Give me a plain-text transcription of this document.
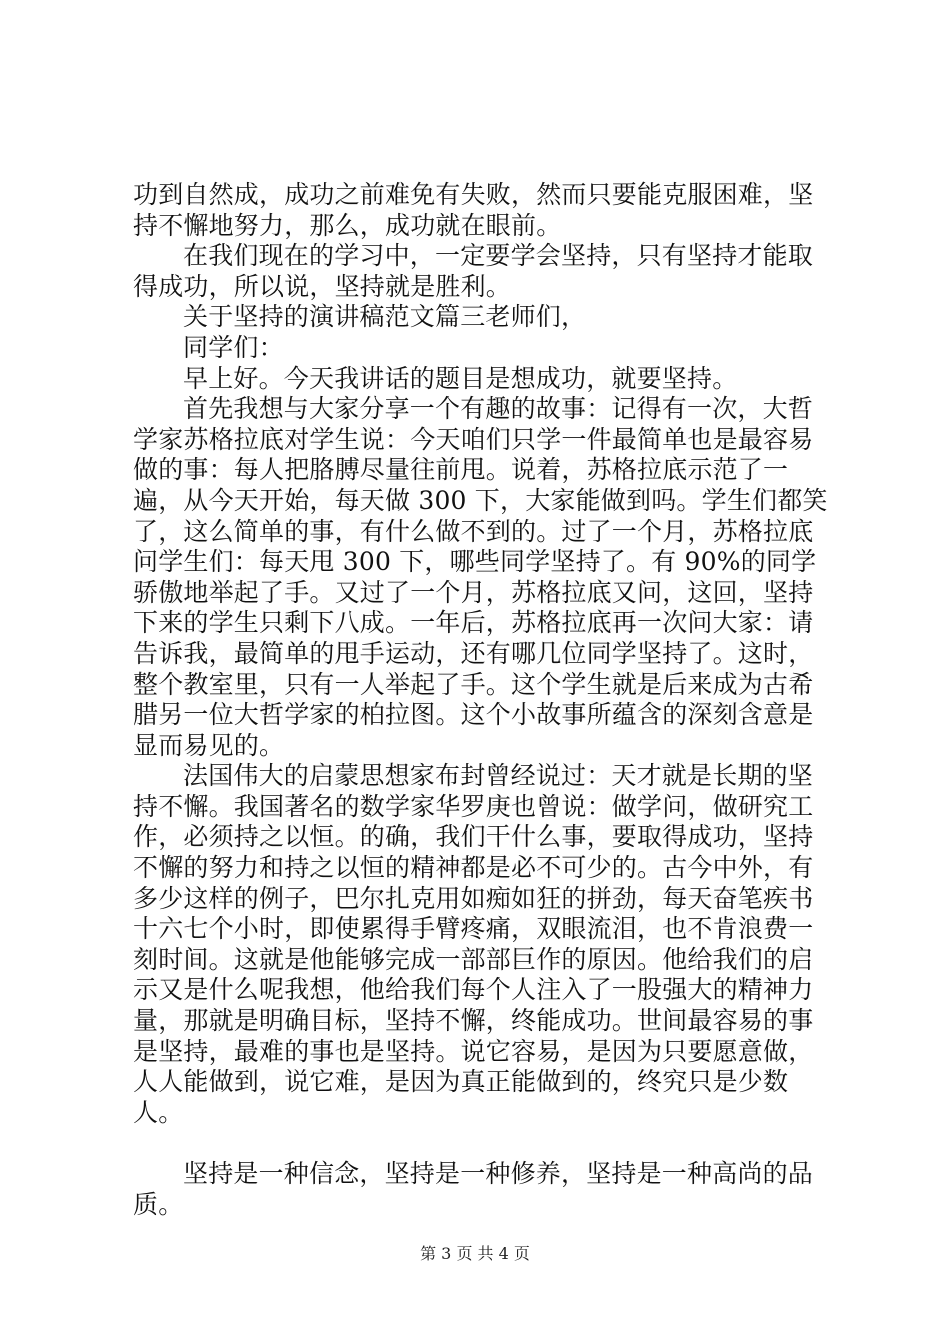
功到自然成，成功之前难免有失败，然而只要能克服困难，坚持不懈地努力，那么，成功就在眼前。

在我们现在的学习中，一定要学会坚持，只有坚持才能取得成功，所以说，坚持就是胜利。

关于坚持的演讲稿范文篇三老师们，

同学们：

早上好。今天我讲话的题目是想成功，就要坚持。

首先我想与大家分享一个有趣的故事：记得有一次，大哲学家苏格拉底对学生说：今天咱们只学一件最简单也是最容易做的事：每人把胳膊尽量往前甩。说着，苏格拉底示范了一遍，从今天开始，每天做 300 下，大家能做到吗。学生们都笑了，这么简单的事，有什么做不到的。过了一个月，苏格拉底问学生们：每天甩 300 下，哪些同学坚持了。有 90%的同学骄傲地举起了手。又过了一个月，苏格拉底又问，这回，坚持下来的学生只剩下八成。一年后，苏格拉底再一次问大家：请告诉我，最简单的甩手运动，还有哪几位同学坚持了。这时，整个教室里，只有一人举起了手。这个学生就是后来成为古希腊另一位大哲学家的柏拉图。这个小故事所蕴含的深刻含意是显而易见的。

法国伟大的启蒙思想家布封曾经说过：天才就是长期的坚持不懈。我国著名的数学家华罗庚也曾说：做学问，做研究工作，必须持之以恒。的确，我们干什么事，要取得成功，坚持不懈的努力和持之以恒的精神都是必不可少的。古今中外，有多少这样的例子，巴尔扎克用如痴如狂的拼劲，每天奋笔疾书十六七个小时，即使累得手臂疼痛，双眼流泪，也不肯浪费一刻时间。这就是他能够完成一部部巨作的原因。他给我们的启示又是什么呢我想，他给我们每个人注入了一股强大的精神力量，那就是明确目标，坚持不懈，终能成功。世间最容易的事是坚持，最难的事也是坚持。说它容易，是因为只要愿意做，人人能做到，说它难，是因为真正能做到的，终究只是少数人。

坚持是一种信念，坚持是一种修养，坚持是一种高尚的品质。

第 3 页 共 4 页
